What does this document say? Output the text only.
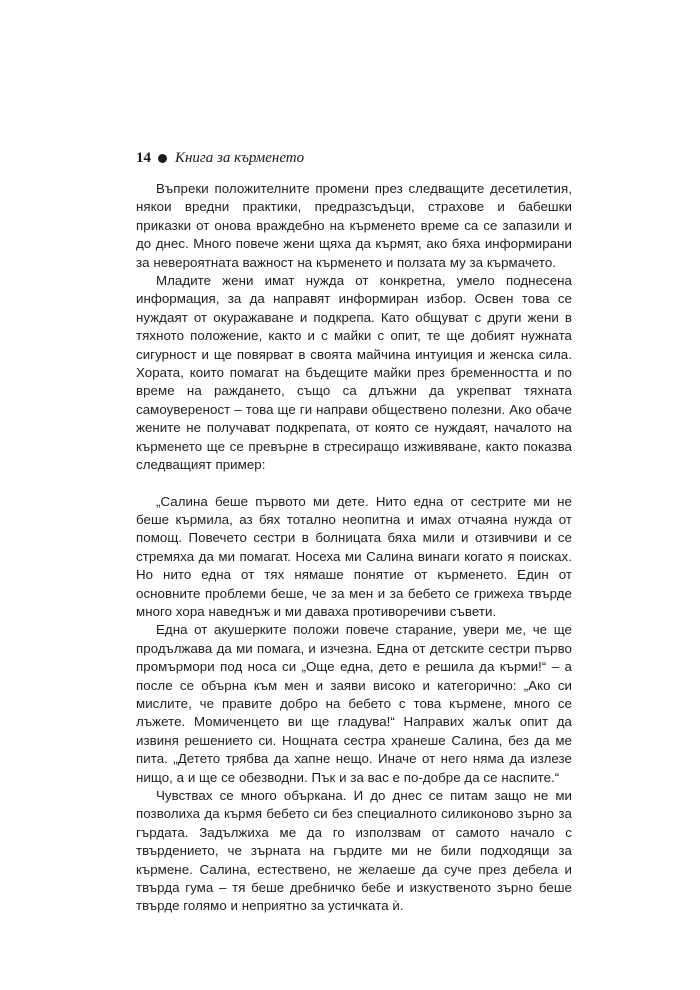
14 Книга за кърменето

Въпреки положителните промени през следващите десетилетия, някои вредни практики, предразсъдъци, страхове и бабешки приказки от онова враждебно на кърменето време са се запазили и до днес. Много повече жени щяха да кърмят, ако бяха информирани за невероятната важност на кърменето и ползата му за кърмачето.

Младите жени имат нужда от конкретна, умело поднесена информация, за да направят информиран избор. Освен това се нуждаят от окуражаване и подкрепа. Като общуват с други жени в тяхното положение, както и с майки с опит, те ще добият нужната сигурност и ще повярват в своята майчина интуиция и женска сила. Хората, които помагат на бъдещите майки през бременността и по време на раждането, също са длъжни да укрепват тяхната самоувереност – това ще ги направи обществено полезни. Ако обаче жените не получават подкрепата, от която се нуждаят, началото на кърменето ще се превърне в стресиращо изживяване, както показва следващият пример:

„Салина беше първото ми дете. Нито една от сестрите ми не беше кърмила, аз бях тотално неопитна и имах отчаяна нужда от помощ. Повечето сестри в болницата бяха мили и отзивчиви и се стремяха да ми помагат. Носеха ми Салина винаги когато я поисках. Но нито една от тях нямаше понятие от кърменето. Един от основните проблеми беше, че за мен и за бебето се грижеха твърде много хора наведнъж и ми даваха противоречиви съвети.

Една от акушерките положи повече старание, увери ме, че ще продължава да ми помага, и изчезна. Една от детските сестри първо промърмори под носа си „Още една, дето е решила да кърми!“ – а после се обърна към мен и заяви високо и категорично: „Ако си мислите, че правите добро на бебето с това кърмене, много се лъжете. Момиченцето ви ще гладува!“ Направих жалък опит да извиня решението си. Нощната сестра хранеше Салина, без да ме пита. „Детето трябва да хапне нещо. Иначе от него няма да излезе нищо, а и ще се обезводни. Пък и за вас е по-добре да се наспите.“

Чувствах се много объркана. И до днес се питам защо не ми позволиха да кърмя бебето си без специалното силиконово зърно за гърдата. Задължиха ме да го използвам от самото начало с твърдението, че зърната на гърдите ми не били подходящи за кърмене. Салина, естествено, не желаеше да суче през дебела и твърда гума – тя беше дребничко бебе и изкуственото зърно беше твърде голямо и неприятно за устичката ѝ.
